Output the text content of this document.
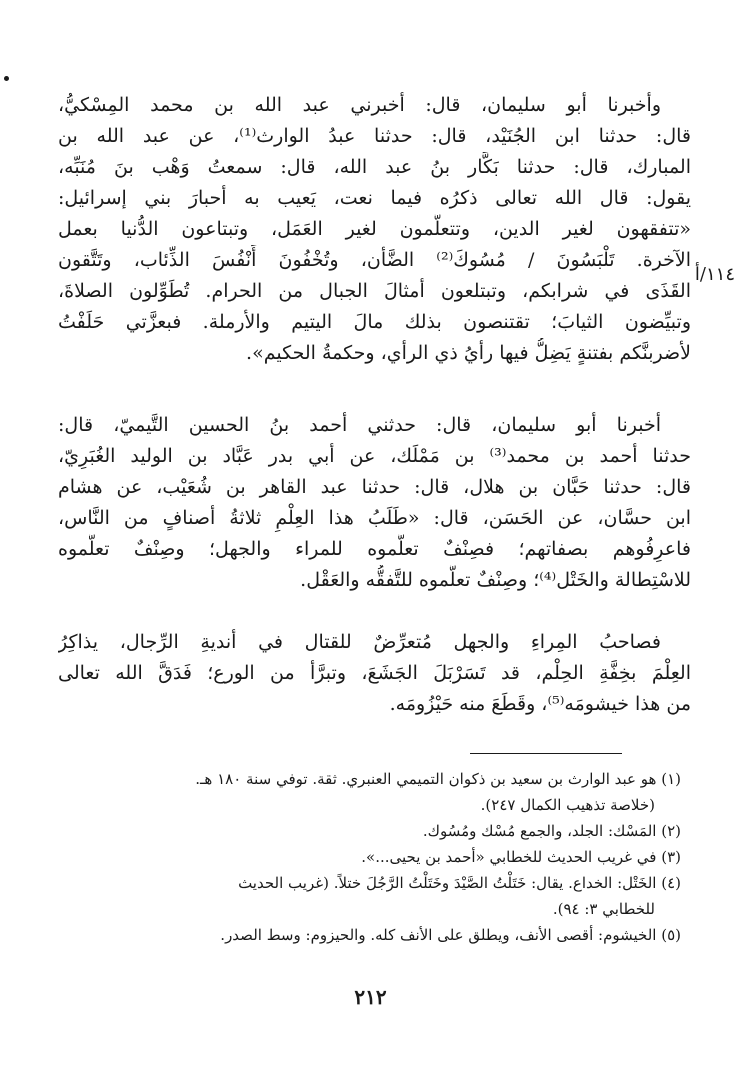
١١٤/أ
وأخبرنا أبو سليمان، قال: أخبرني عبد الله بن محمد المِسْكيُّ،
قال: حدثنا ابن الجُنَيْد، قال: حدثنا عبدُ الوارث⁽¹⁾، عن عبد الله بن
المبارك، قال: حدثنا بَكَّار بنُ عبد الله، قال: سمعتُ وَهْب بنَ مُنَبِّه،
يقول: قال الله تعالى ذكرُه فيما نعت، يَعيب به أحبارَ بني إسرائيل:
«تتفقهون لغير الدين، وتتعلَّمون لغير العَمَل، وتبتاعون الدُّنيا بعمل
الآخرة. تَلْبَسُونَ / مُسُوكَ⁽²⁾ الضَّأن، وتُخْفُونَ أَنْفُسَ الذِّئاب، وتَتَّقون
القَذَى في شرابكم، وتبتلعون أمثالَ الجبال من الحرام. تُطَوِّلون الصلاةَ،
وتبيِّضون الثيابَ؛ تقتنصون بذلك مالَ اليتيم والأرملة. فبعزَّتي حَلَفْتُ
لأضربنَّكم بفتنةٍ يَضِلُّ فيها رأيُ ذي الرأي، وحكمةُ الحكيم».
أخبرنا أبو سليمان، قال: حدثني أحمد بنُ الحسين التَّيميّ، قال:
حدثنا أحمد بن محمد⁽³⁾ بن مَمْلَك، عن أبي بدر عَبَّاد بن الوليد الغُبَرِيّ،
قال: حدثنا حَبَّان بن هلال، قال: حدثنا عبد القاهر بن شُعَيْب، عن هشام
ابن حسَّان، عن الحَسَن، قال: «طَلَبُ هذا العِلْمِ ثلاثةُ أصنافٍ من النَّاس،
فاعرِفُوهم بصفاتهم؛ فصِنْفٌ تعلَّموه للمراء والجهل؛ وصِنْفٌ تعلَّموه
للاسْتِطالة والخَتْل⁽⁴⁾؛ وصِنْفٌ تعلَّموه للتَّفقُّه والعَقْل.
فصاحبُ المِراءِ والجهل مُتعرِّضٌ للقتال في أنديةِ الرِّجال، يذاكِرُ
العِلْمَ بخِفَّةِ الحِلْم، قد تَسَرْبَلَ الجَشَعَ، وتبرَّأ من الورع؛ فَدَقَّ الله تعالى
من هذا خيشومَه⁽⁵⁾، وقَطَعَ منه حَيْزُومَه.
(١) هو عبد الوارث بن سعيد بن ذكوان التميمي العنبري. ثقة. توفي سنة ١٨٠ هـ.
(خلاصة تذهيب الكمال ٢٤٧).
(٢) المَسْك: الجلد، والجمع مُسْك ومُسُوك.
(٣) في غريب الحديث للخطابي «أحمد بن يحيى...».
(٤) الخَتْل: الخداع. يقال: خَتَلْتُ الصَّيْدَ وخَتَلْتُ الرَّجُلَ ختلاً. (غريب الحديث
للخطابي ٣: ٩٤).
(٥) الخيشوم: أقصى الأنف، ويطلق على الأنف كله. والحيزوم: وسط الصدر.
٢١٢
